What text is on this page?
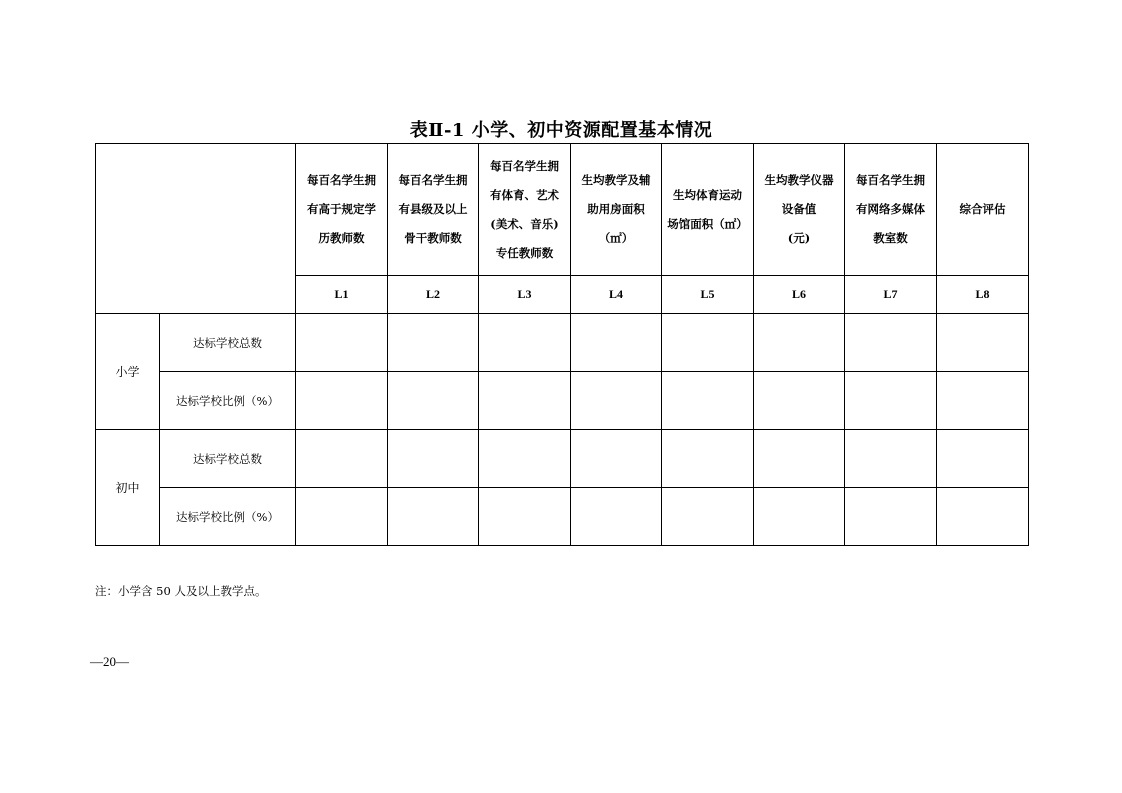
表Ⅱ-1 小学、初中资源配置基本情况

		每百名学生拥
有高于规定学
历教师数	每百名学生拥
有县级及以上
骨干教师数	每百名学生拥
有体育、艺术
(美术、音乐)
专任教师数	生均教学及辅
助用房面积
（㎡）	生均体育运动
场馆面积（㎡）	生均教学仪器
设备值
(元)	每百名学生拥
有网络多媒体
教室数	综合评估

		L1	L2	L3	L4	L5	L6	L7	L8
小学	达标学校总数								
	达标学校比例（%）								
初中	达标学校总数								
	达标学校比例（%）								
注：小学含 50 人及以上教学点。
—20—
